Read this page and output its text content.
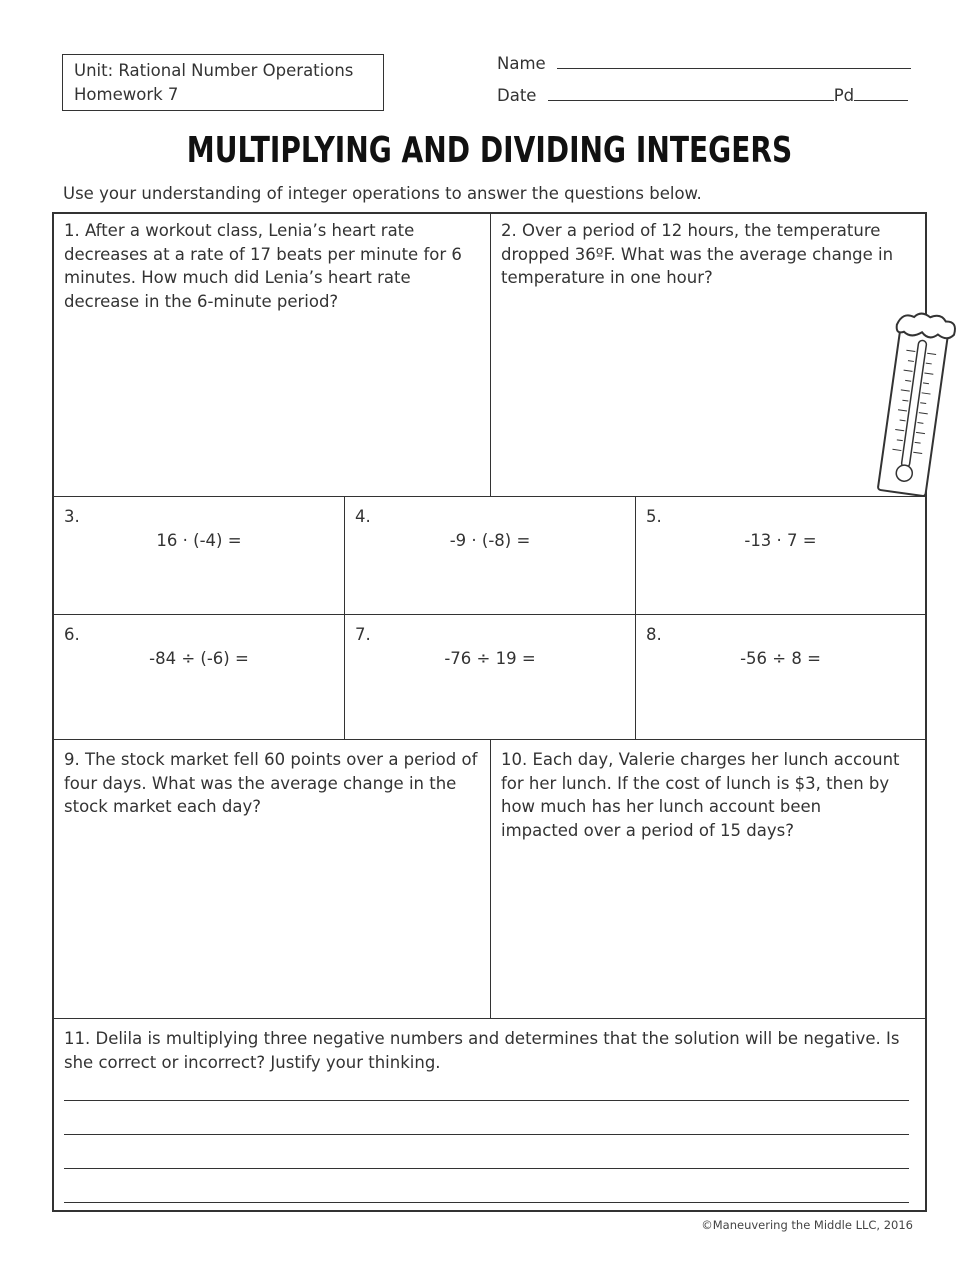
Unit: Rational Number Operations
Homework 7
Name
Date	Pd
MULTIPLYING AND DIVIDING INTEGERS
Use your understanding of integer operations to answer the questions below.
1. After a workout class, Lenia’s heart rate decreases at a rate of 17 beats per minute for 6 minutes. How much did Lenia’s heart rate decrease in the 6-minute period?
2. Over a period of 12 hours, the temperature dropped 36ºF. What was the average change in temperature in one hour?
3.
16 · (-4) =
4.
-9 · (-8) =
5.
-13 · 7 =
6.
-84 ÷ (-6) =
7.
-76 ÷ 19 =
8.
-56 ÷ 8 =
9. The stock market fell 60 points over a period of four days. What was the average change in the stock market each day?
10. Each day, Valerie charges her lunch account for her lunch. If the cost of lunch is $3, then by how much has her lunch account been impacted over a period of 15 days?
11. Delila is multiplying three negative numbers and determines that the solution will be negative. Is she correct or incorrect? Justify your thinking.
©Maneuvering the Middle LLC, 2016
